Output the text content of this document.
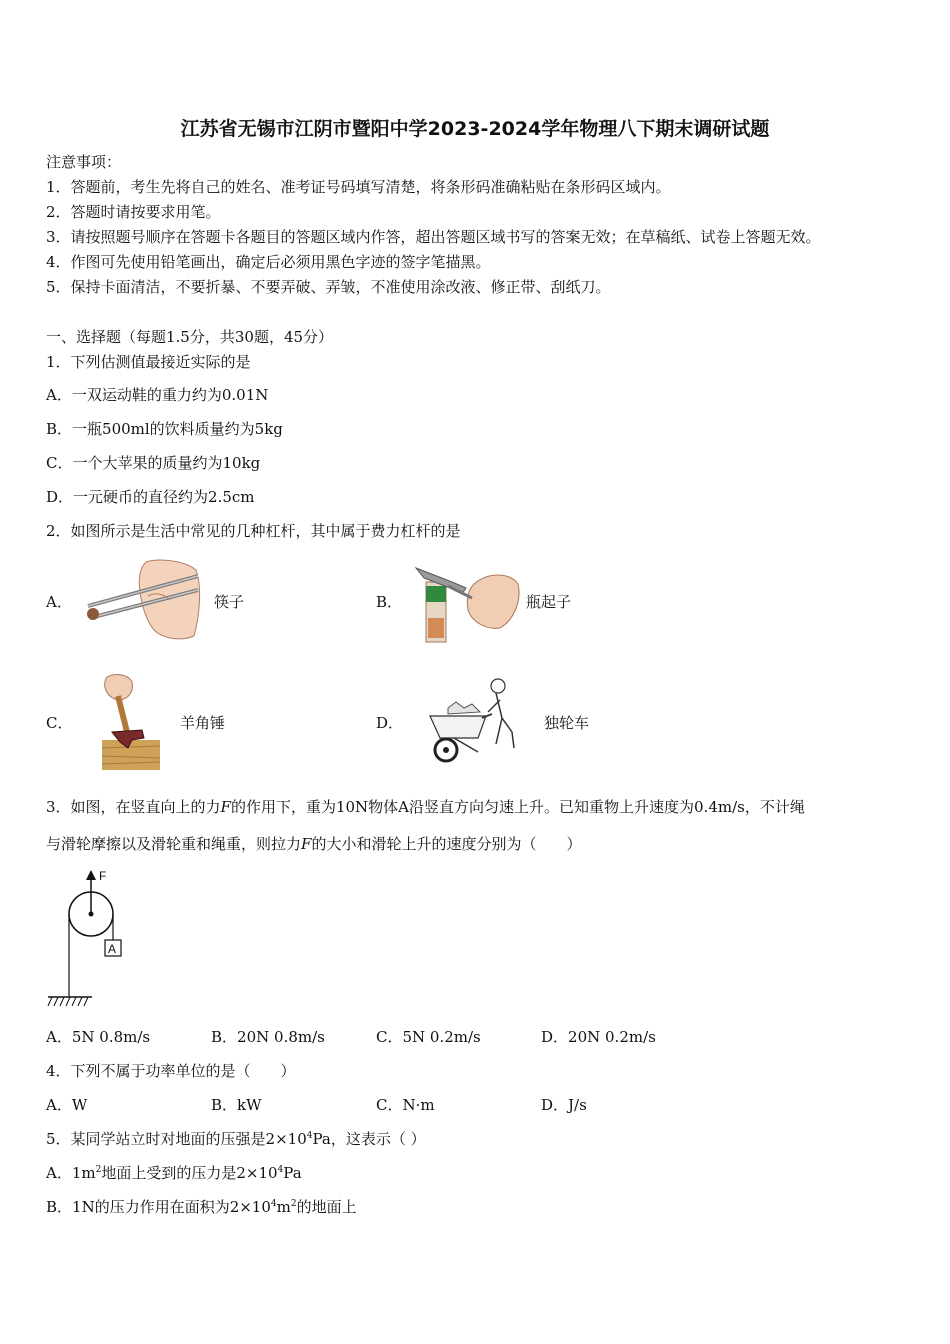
江苏省无锡市江阴市暨阳中学2023-2024学年物理八下期末调研试题
注意事项：
1．答题前，考生先将自己的姓名、准考证号码填写清楚，将条形码准确粘贴在条形码区域内。
2．答题时请按要求用笔。
3．请按照题号顺序在答题卡各题目的答题区域内作答，超出答题区域书写的答案无效；在草稿纸、试卷上答题无效。
4．作图可先使用铅笔画出，确定后必须用黑色字迹的签字笔描黑。
5．保持卡面清洁，不要折暴、不要弄破、弄皱，不准使用涂改液、修正带、刮纸刀。
一、选择题（每题1.5分，共30题，45分）
1．下列估测值最接近实际的是
A．一双运动鞋的重力约为0.01N
B．一瓶500ml的饮料质量约为5kg
C．一个大苹果的质量约为10kg
D．一元硬币的直径约为2.5cm
2．如图所示是生活中常见的几种杠杆，其中属于费力杠杆的是
A．	筷子	B．	瓶起子
C．	羊角锤	D．	独轮车
3．如图，在竖直向上的力F的作用下，重为10N物体A沿竖直方向匀速上升。已知重物上升速度为0.4m/s，不计绳
与滑轮摩擦以及滑轮重和绳重，则拉力F的大小和滑轮上升的速度分别为（　　）
F
A
A．5N 0.8m/s	B．20N 0.8m/s	C．5N 0.2m/s	D．20N 0.2m/s
4．下列不属于功率单位的是（　　）
A．W	B．kW	C．N·m	D．J/s
5．某同学站立时对地面的压强是$2\times 10^4Pa$，这表示（ ）
A．$1m^2$地面上受到的压力是$2\times 10^4Pa$
B．1N的压力作用在面积为$2\times 10^4m^2$的地面上
